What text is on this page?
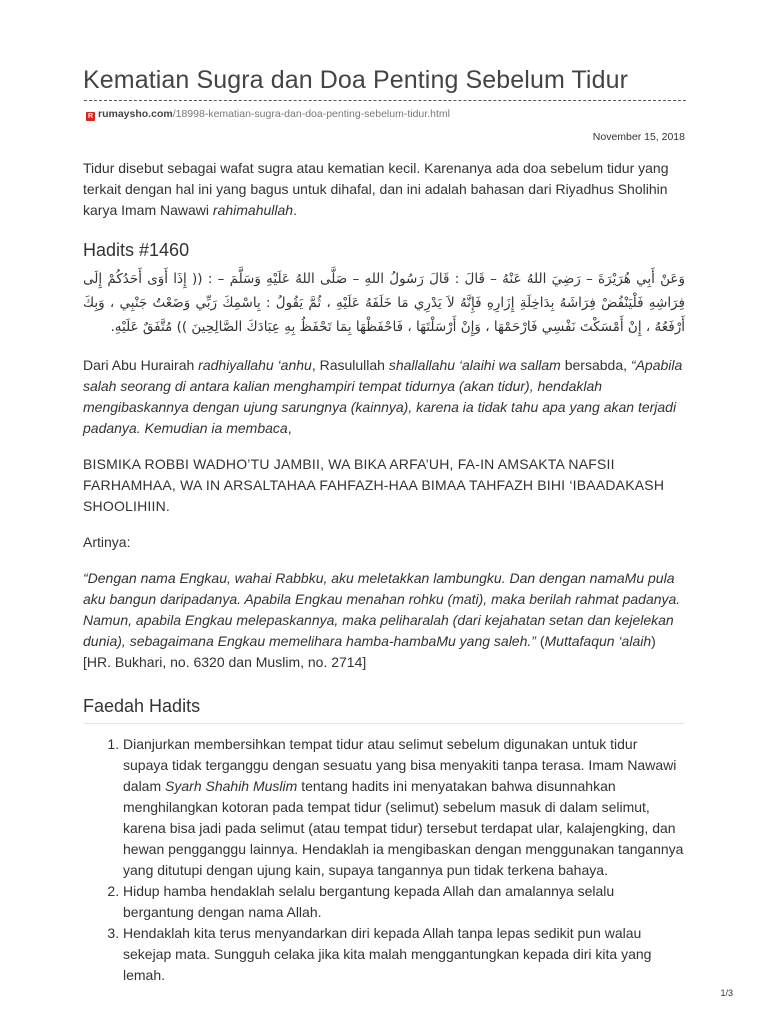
Kematian Sugra dan Doa Penting Sebelum Tidur
R rumaysho.com/18998-kematian-sugra-dan-doa-penting-sebelum-tidur.html
November 15, 2018

Tidur disebut sebagai wafat sugra atau kematian kecil. Karenanya ada doa sebelum tidur yang terkait dengan hal ini yang bagus untuk dihafal, dan ini adalah bahasan dari Riyadhus Sholihin karya Imam Nawawi rahimahullah.

Hadits #1460
وَعَنْ أَبِي هُرَيْرَةَ – رَضِيَ اللهُ عَنْهُ – قَالَ : قَالَ رَسُولُ اللهِ – صَلَّى اللهُ عَلَيْهِ وَسَلَّمَ – : (( إِذَا أَوَى أَحَدُكُمْ إِلَى فِرَاشِهِ فَلْيَنْفُضْ فِرَاشَهُ بِدَاخِلَةِ إِزَارِهِ فَإِنَّهُ لاَ يَدْرِي مَا خَلَفَهُ عَلَيْهِ ، ثُمَّ يَقُولُ : بِاسْمِكَ رَبِّي وَضَعْتُ جَنْبِي ، وَبِكَ أَرْفَعُهُ ، إِنْ أَمْسَكْتَ نَفْسِي فَارْحَمْهَا ، وَإِنْ أَرْسَلْتَهَا ، فَاحْفَظْهَا بِمَا تَحْفَظُ بِهِ عِبَادَكَ الصَّالِحِينَ )) مُتَّفَقٌ عَلَيْهِ.

Dari Abu Hurairah radhiyallahu ‘anhu, Rasulullah shallallahu ‘alaihi wa sallam bersabda, “Apabila salah seorang di antara kalian menghampiri tempat tidurnya (akan tidur), hendaklah mengibaskannya dengan ujung sarungnya (kainnya), karena ia tidak tahu apa yang akan terjadi padanya. Kemudian ia membaca,

BISMIKA ROBBI WADHO’TU JAMBII, WA BIKA ARFA’UH, FA-IN AMSAKTA NAFSII FARHAMHAA, WA IN ARSALTAHAA FAHFAZH-HAA BIMAA TAHFAZH BIHI ‘IBAADAKASH SHOOLIHIIN.

Artinya:

“Dengan nama Engkau, wahai Rabbku, aku meletakkan lambungku. Dan dengan namaMu pula aku bangun daripadanya. Apabila Engkau menahan rohku (mati), maka berilah rahmat padanya. Namun, apabila Engkau melepaskannya, maka peliharalah (dari kejahatan setan dan kejelekan dunia), sebagaimana Engkau memelihara hamba-hambaMu yang saleh.” (Muttafaqun ‘alaih) [HR. Bukhari, no. 6320 dan Muslim, no. 2714]

Faedah Hadits
1. Dianjurkan membersihkan tempat tidur atau selimut sebelum digunakan untuk tidur supaya tidak terganggu dengan sesuatu yang bisa menyakiti tanpa terasa. Imam Nawawi dalam Syarh Shahih Muslim tentang hadits ini menyatakan bahwa disunnahkan menghilangkan kotoran pada tempat tidur (selimut) sebelum masuk di dalam selimut, karena bisa jadi pada selimut (atau tempat tidur) tersebut terdapat ular, kalajengking, dan hewan pengganggu lainnya. Hendaklah ia mengibaskan dengan menggunakan tangannya yang ditutupi dengan ujung kain, supaya tangannya pun tidak terkena bahaya.
2. Hidup hamba hendaklah selalu bergantung kepada Allah dan amalannya selalu bergantung dengan nama Allah.
3. Hendaklah kita terus menyandarkan diri kepada Allah tanpa lepas sedikit pun walau sekejap mata. Sungguh celaka jika kita malah menggantungkan kepada diri kita yang lemah.
1/3
